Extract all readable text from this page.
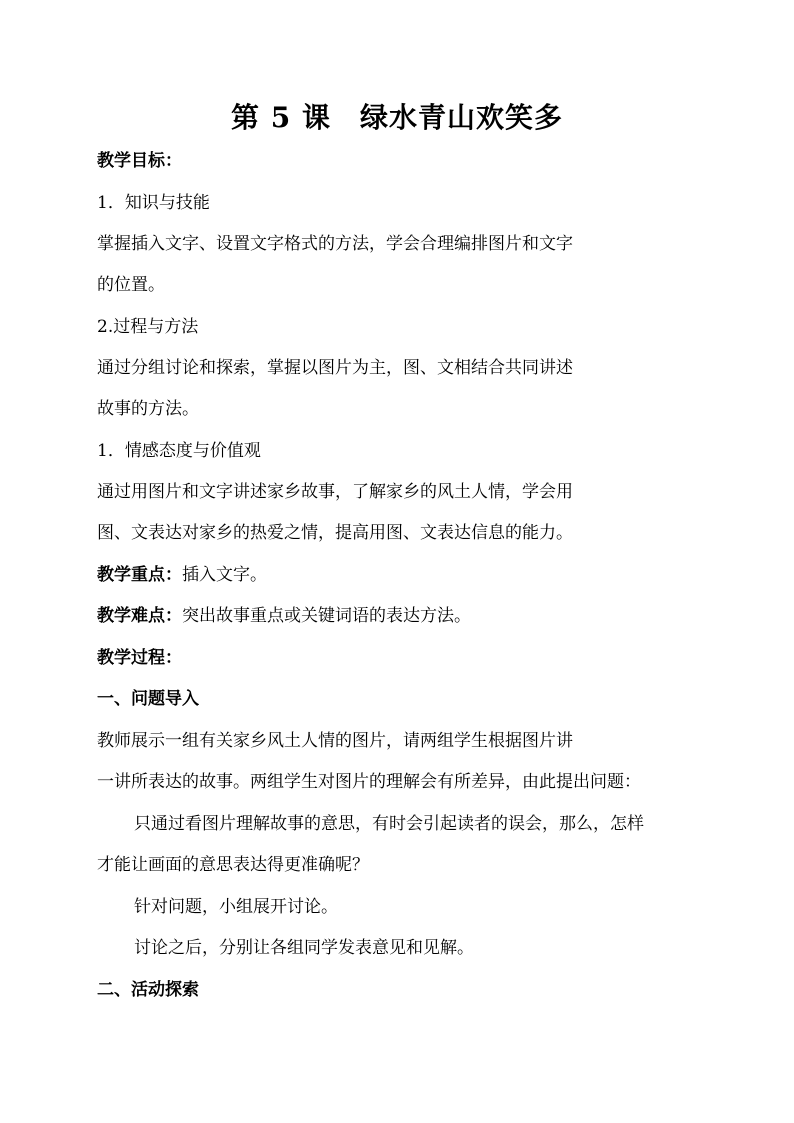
第 5 课　绿水青山欢笑多
教学目标：
1．知识与技能
掌握插入文字、设置文字格式的方法，学会合理编排图片和文字
的位置。
2.过程与方法
通过分组讨论和探索，掌握以图片为主，图、文相结合共同讲述
故事的方法。
1．情感态度与价值观
通过用图片和文字讲述家乡故事，了解家乡的风土人情，学会用
图、文表达对家乡的热爱之情，提高用图、文表达信息的能力。
教学重点：插入文字。
教学难点：突出故事重点或关键词语的表达方法。
教学过程：
一、问题导入
教师展示一组有关家乡风土人情的图片，请两组学生根据图片讲
一讲所表达的故事。两组学生对图片的理解会有所差异，由此提出问题：
只通过看图片理解故事的意思，有时会引起读者的误会，那么，怎样
才能让画面的意思表达得更准确呢？
针对问题，小组展开讨论。
讨论之后，分别让各组同学发表意见和见解。
二、活动探索
